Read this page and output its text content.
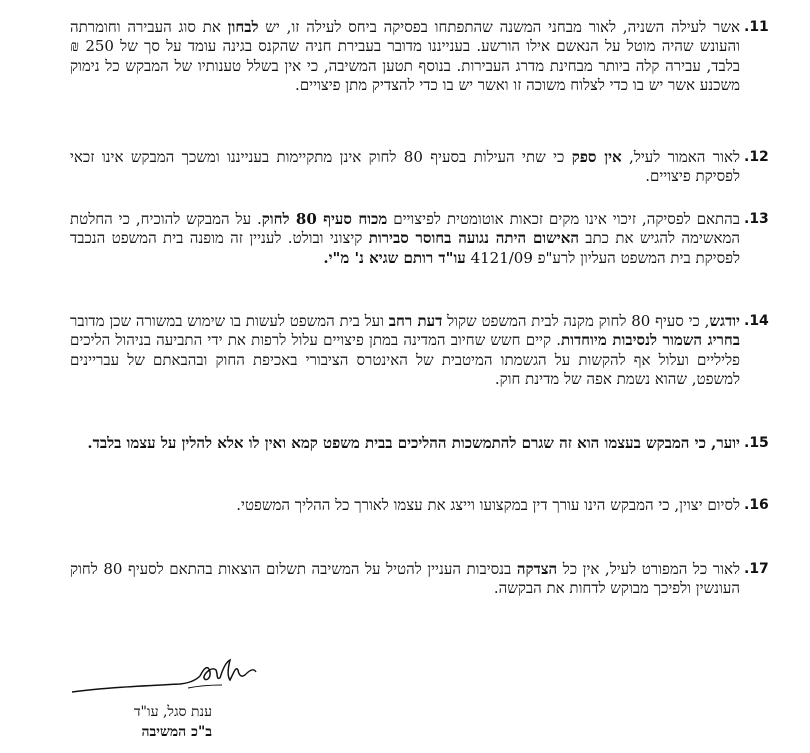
.11
אשר לעילה השניה, לאור מבחני המשנה שהתפתחו בפסיקה ביחס לעילה זו, יש לבחון את סוג העבירה וחומרתה והעונש שהיה מוטל על הנאשם אילו הורשע. בענייננו מדובר בעבירת חניה שהקנס בגינה עומד על סך של 250 ₪ בלבד, עבירה קלה ביותר מבחינת מדרג העבירות. בנוסף תטען המשיבה, כי אין בשלל טענותיו של המבקש כל נימוק משכנע אשר יש בו כדי לצלוח משוכה זו ואשר יש בו כדי להצדיק מתן פיצויים.
.12
לאור האמור לעיל, אין ספק כי שתי העילות בסעיף 80 לחוק אינן מתקיימות בענייננו ומשכך המבקש אינו זכאי לפסיקת פיצויים.
.13
בהתאם לפסיקה, זיכוי אינו מקים זכאות אוטומטית לפיצויים מכוח סעיף 80 לחוק. על המבקש להוכיח, כי החלטת המאשימה להגיש את כתב האישום היתה נגועה בחוסר סבירות קיצוני ובולט. לעניין זה מופנה בית המשפט הנכבד לפסיקת בית המשפט העליון לרע"פ 4121/09 עו"ד רותם שגיא נ' מ"י.
.14
יודגש, כי סעיף 80 לחוק מקנה לבית המשפט שקול דעת רחב ועל בית המשפט לעשות בו שימוש במשורה שכן מדובר בחריג השמור לנסיבות מיוחדות. קיים חשש שחיוב המדינה במתן פיצויים עלול לרפות את ידי התביעה בניהול הליכים פליליים ועלול אף להקשות על הגשמתו המיטבית של האינטרס הציבורי באכיפת החוק ובהבאתם של עבריינים למשפט, שהוא נשמת אפה של מדינת חוק.
.15
יוער, כי המבקש בעצמו הוא זה שגרם להתמשכות ההליכים בבית משפט קמא ואין לו אלא להלין על עצמו בלבד.
.16
לסיום יצוין, כי המבקש הינו עורך דין במקצועו וייצג את עצמו לאורך כל ההליך המשפטי.
.17
לאור כל המפורט לעיל, אין כל הצדקה בנסיבות העניין להטיל על המשיבה תשלום הוצאות בהתאם לסעיף 80 לחוק העונשין ולפיכך מבוקש לדחות את הבקשה.
ענת סגל, עו"ד
ב"כ המשיבה
